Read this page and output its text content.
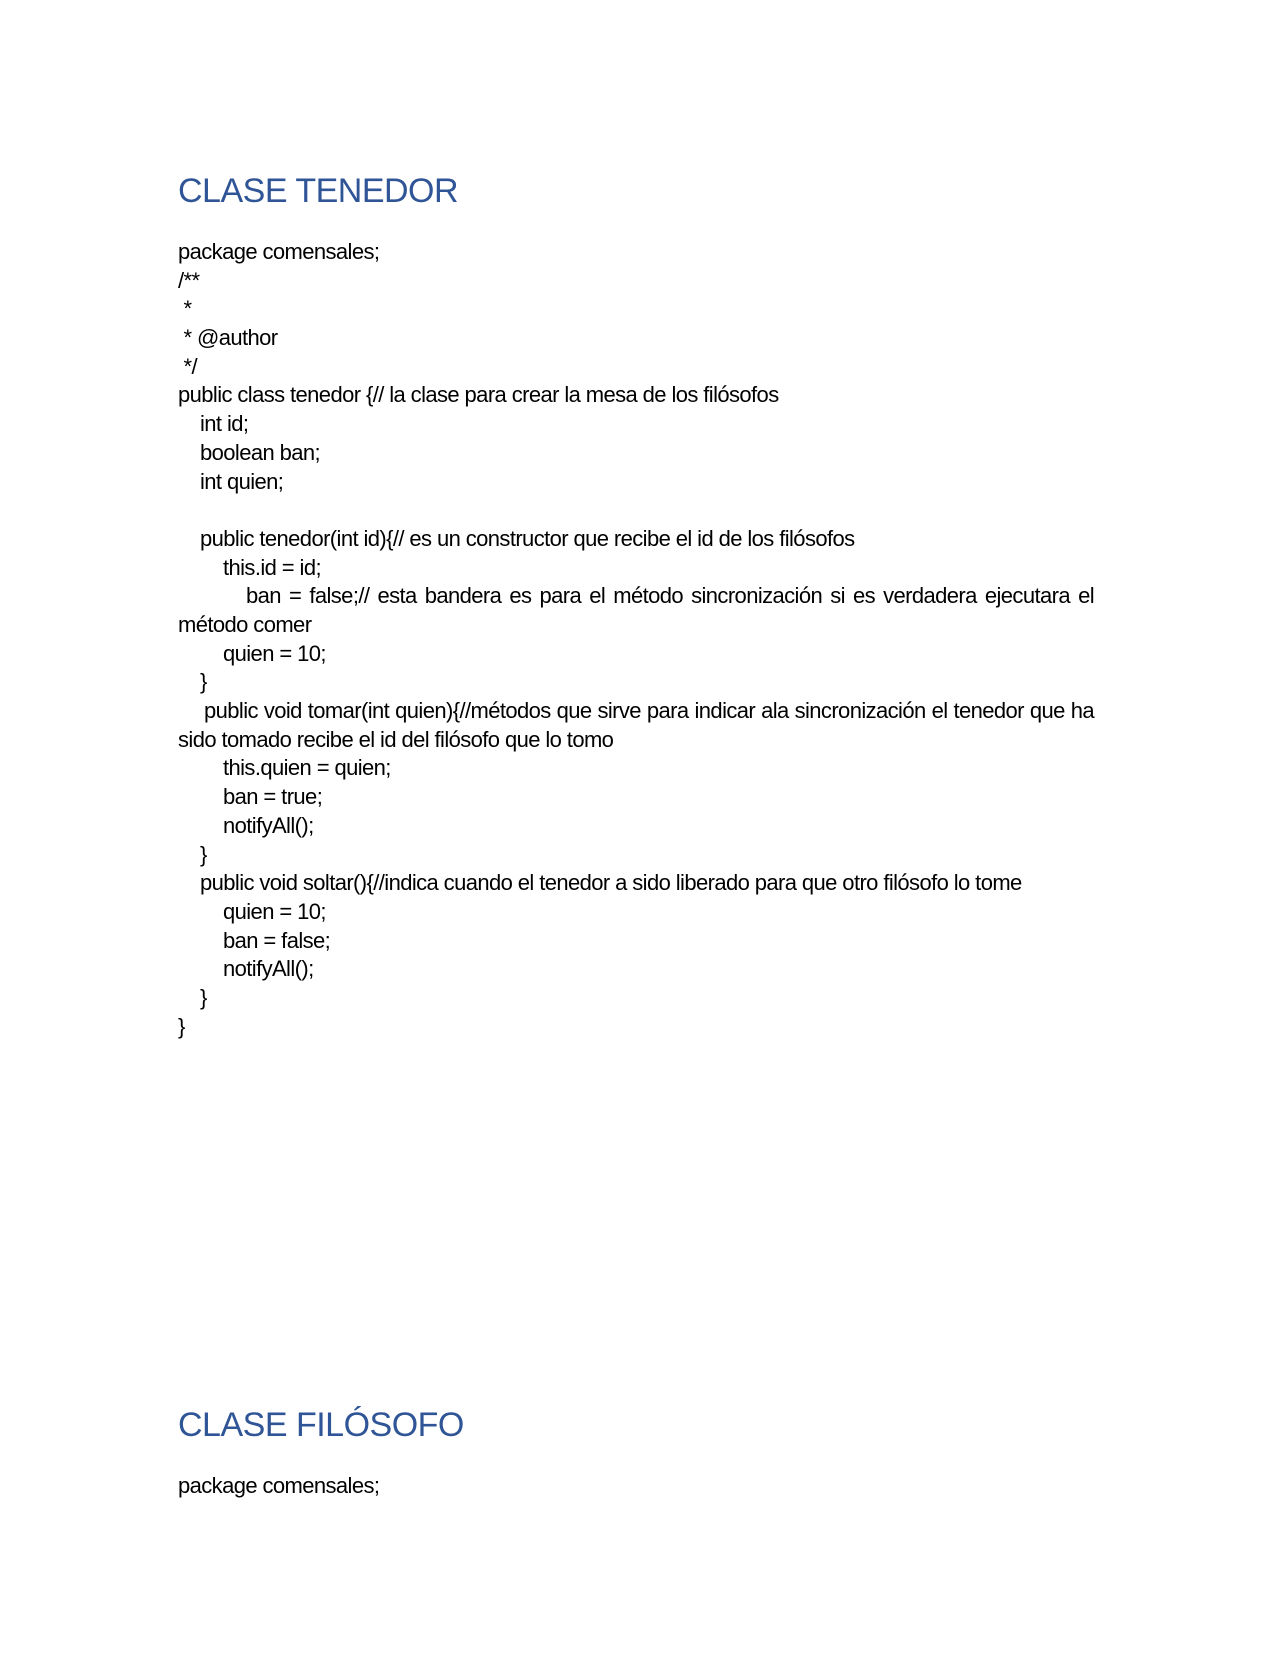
CLASE TENEDOR
package comensales;
/**
*
* @author
*/
public class tenedor {// la clase para crear la mesa de los filósofos
int id;
boolean ban;
int quien;
public tenedor(int id){// es un constructor que recibe el id de los filósofos
this.id = id;
ban = false;// esta bandera es para el método sincronización si es verdadera ejecutara el método comer
quien = 10;
}
public void tomar(int quien){//métodos que sirve para indicar ala sincronización el tenedor que ha sido tomado recibe el id del filósofo que lo tomo
this.quien = quien;
ban = true;
notifyAll();
}
public void soltar(){//indica cuando el tenedor a sido liberado para que otro filósofo lo tome
quien = 10;
ban = false;
notifyAll();
}
}
CLASE FILÓSOFO
package comensales;
